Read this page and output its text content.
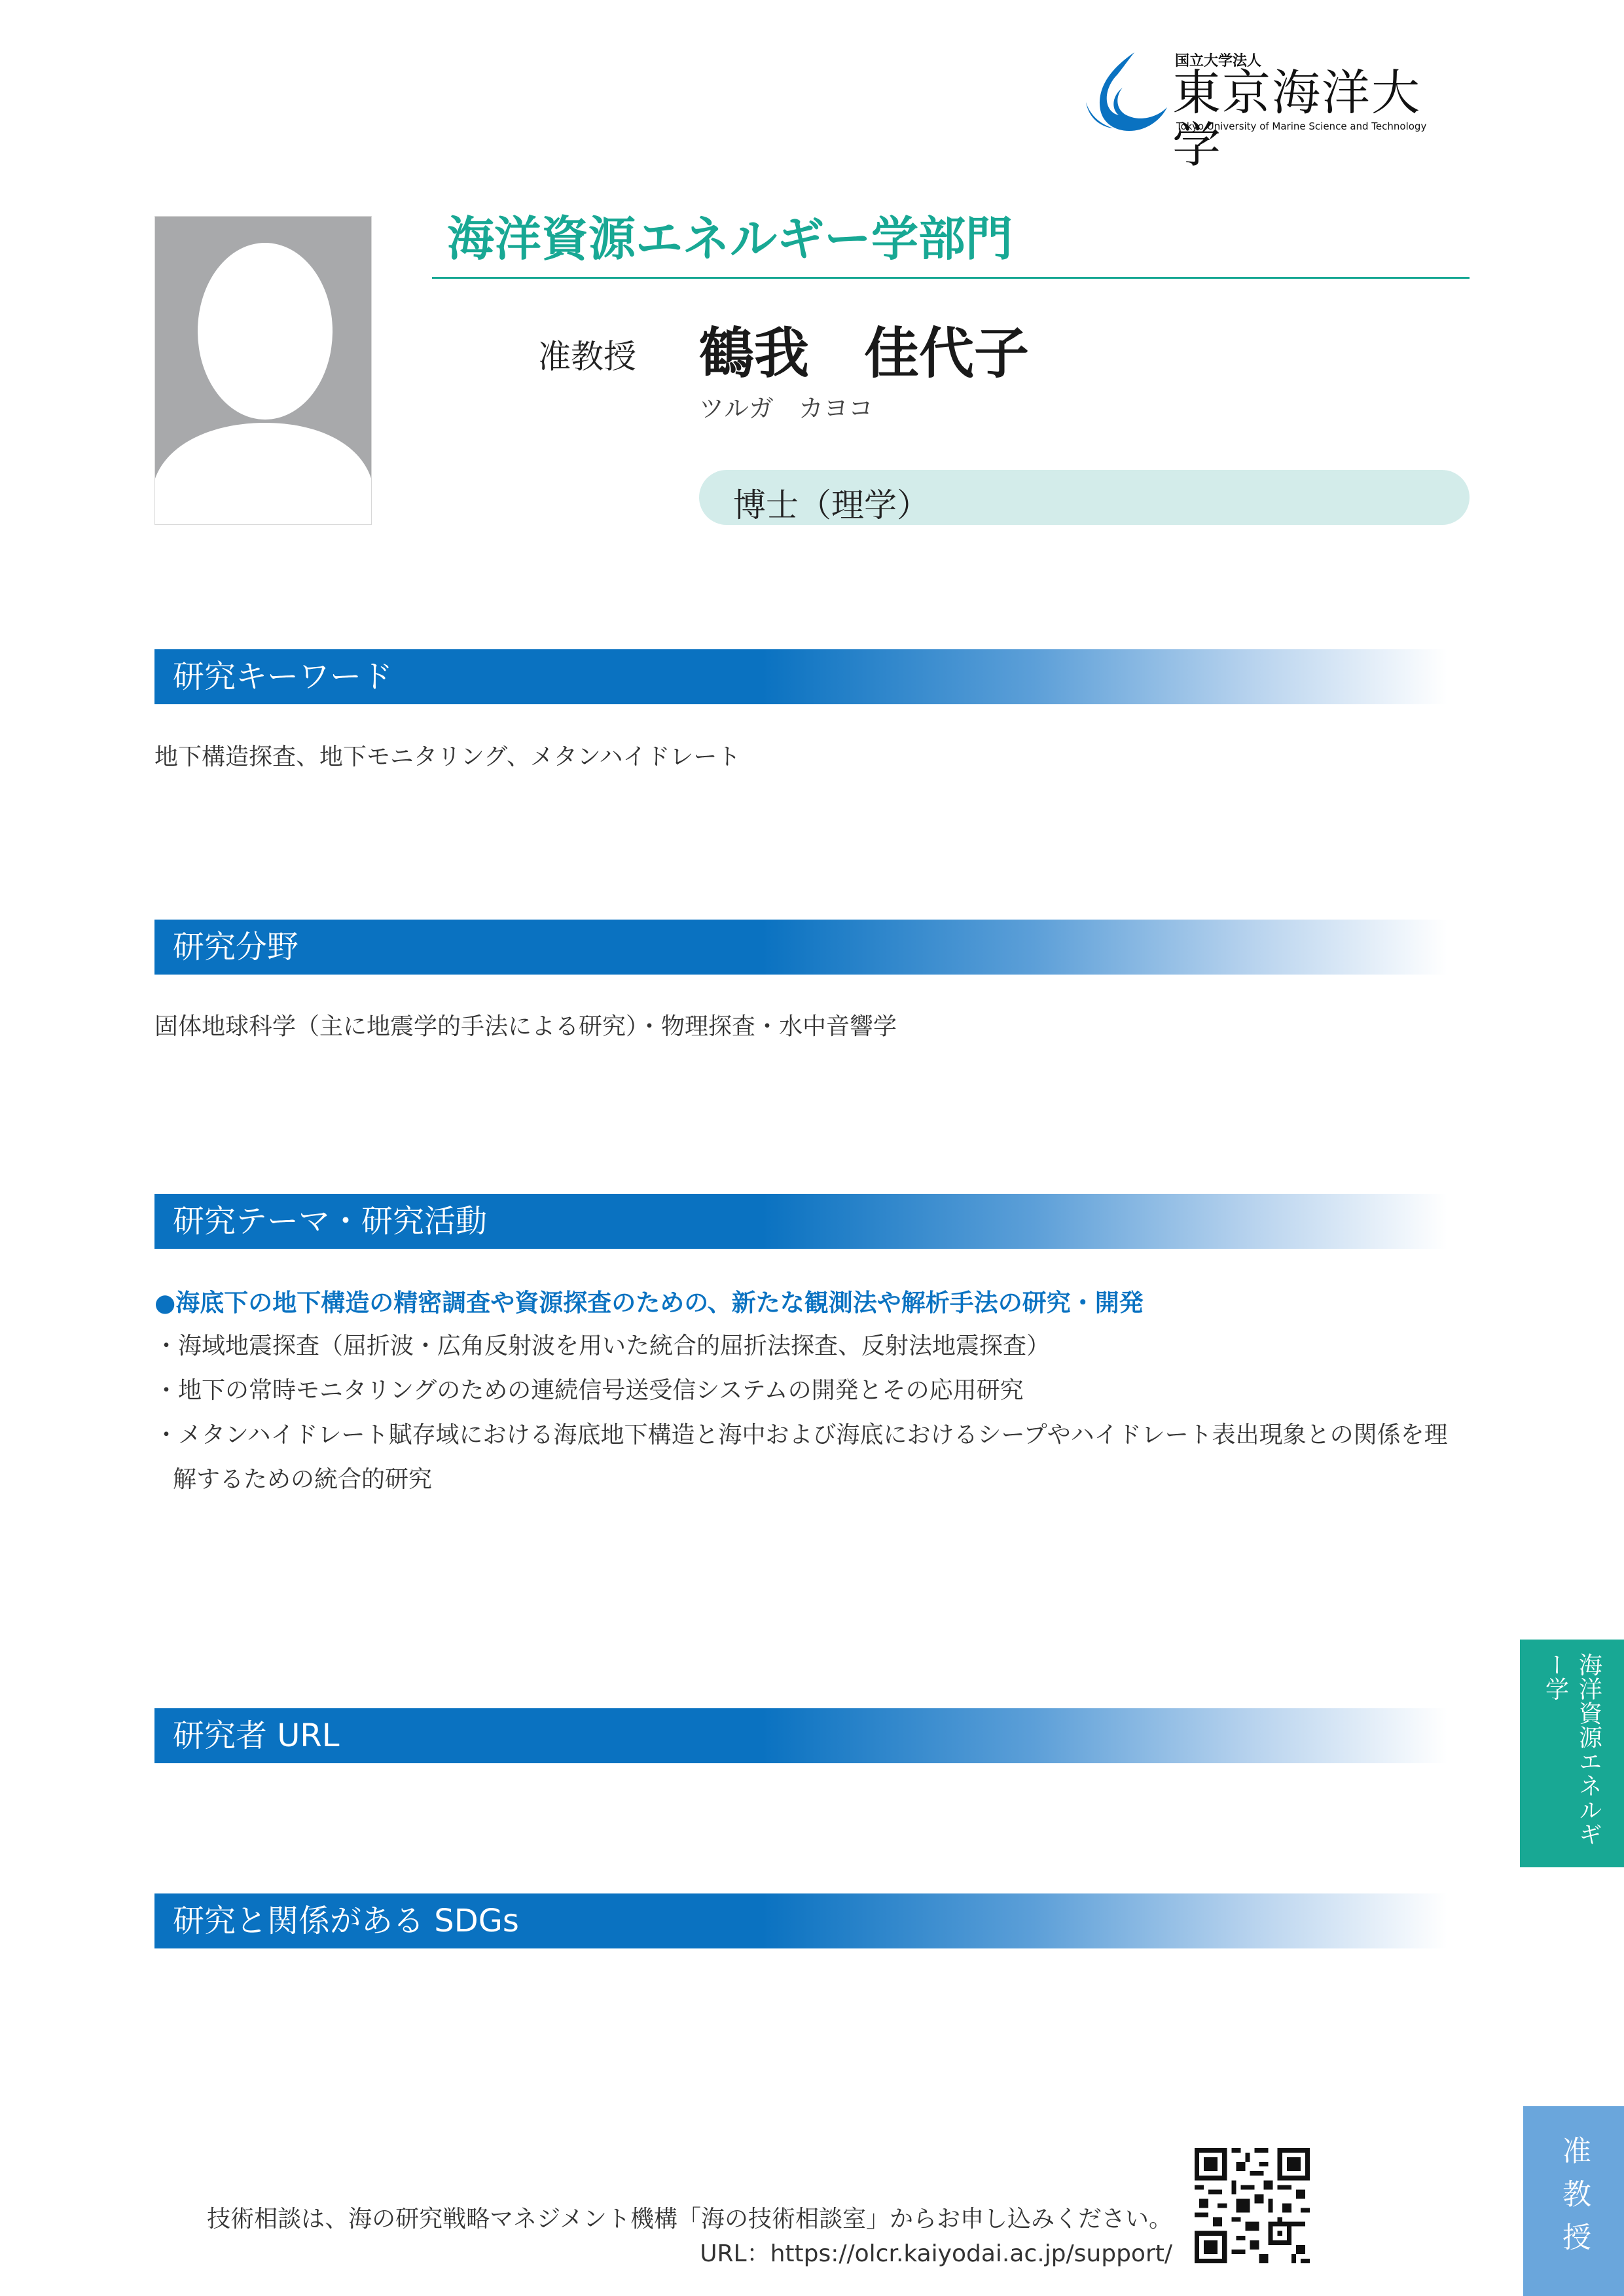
国立大学法人
東京海洋大学
Tokyo University of Marine Science and Technology
海洋資源エネルギー学部門
准教授 鶴我　佳代子
ツルガ　カヨコ
博士（理学）
研究キーワード
地下構造探査、地下モニタリング、メタンハイドレート
研究分野
固体地球科学（主に地震学的手法による研究）・物理探査・水中音響学
研究テーマ・研究活動
●海底下の地下構造の精密調査や資源探査のための、新たな観測法や解析手法の研究・開発
・海域地震探査（屈折波・広角反射波を用いた統合的屈折法探査、反射法地震探査）
・地下の常時モニタリングのための連続信号送受信システムの開発とその応用研究
・メタンハイドレート賦存域における海底地下構造と海中および海底におけるシープやハイドレート表出現象との関係を理解するための統合的研究
研究者 URL
研究と関係がある SDGs
海洋資源エネルギー学
准教授
技術相談は、海の研究戦略マネジメント機構「海の技術相談室」からお申し込みください。
URL：https://olcr.kaiyodai.ac.jp/support/
